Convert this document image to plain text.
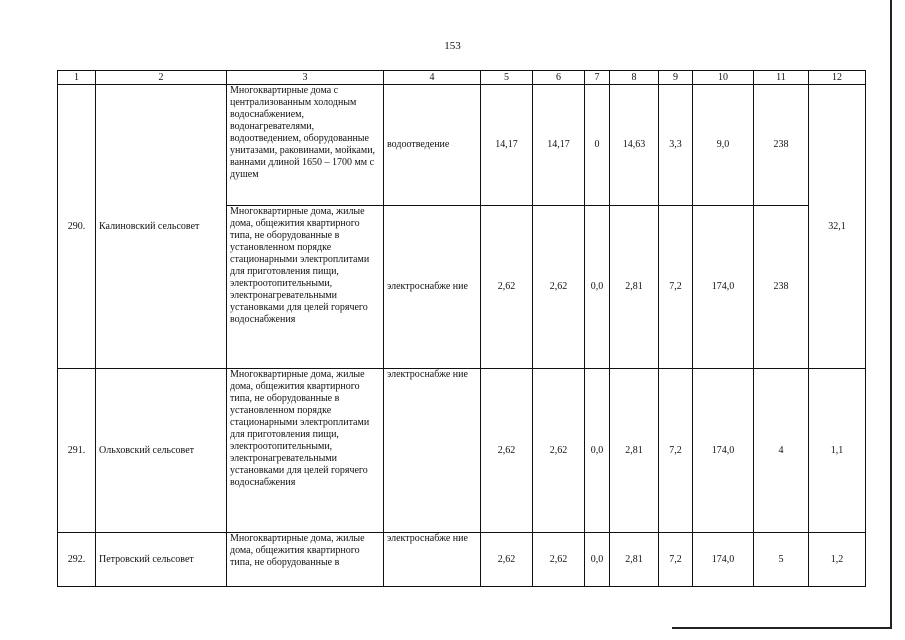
153
1	2	3	4	5	6	7	8	9	10	11	12
290.	Калиновский сельсовет	Многоквартирные дома с централизованным холодным водоснабжением, водонагревателями, водоотведением, оборудованные унитазами, раковинами, мойками, ваннами длиной 1650 – 1700 мм с душем	водоотведение	14,17	14,17	0	14,63	3,3	9,0	238	32,1

		Многоквартирные дома, жилые дома, общежития квартирного типа, не оборудованные в установленном порядке стационарными электроплитами для приготовления пищи, электроотопительными, электронагревательными установками для целей горячего водоснабжения	электроснабже ние	2,62	2,62	0,0	2,81	7,2	174,0	238	
291.	Ольховский сельсовет	Многоквартирные дома, жилые дома, общежития квартирного типа, не оборудованные в установленном порядке стационарными электроплитами для приготовления пищи, электроотопительными, электронагревательными установками для целей горячего водоснабжения	электроснабже ние	2,62	2,62	0,0	2,81	7,2	174,0	4	1,1
292.	Петровский сельсовет	Многоквартирные дома, жилые дома, общежития квартирного типа, не оборудованные в	электроснабже ние	2,62	2,62	0,0	2,81	7,2	174,0	5	1,2
